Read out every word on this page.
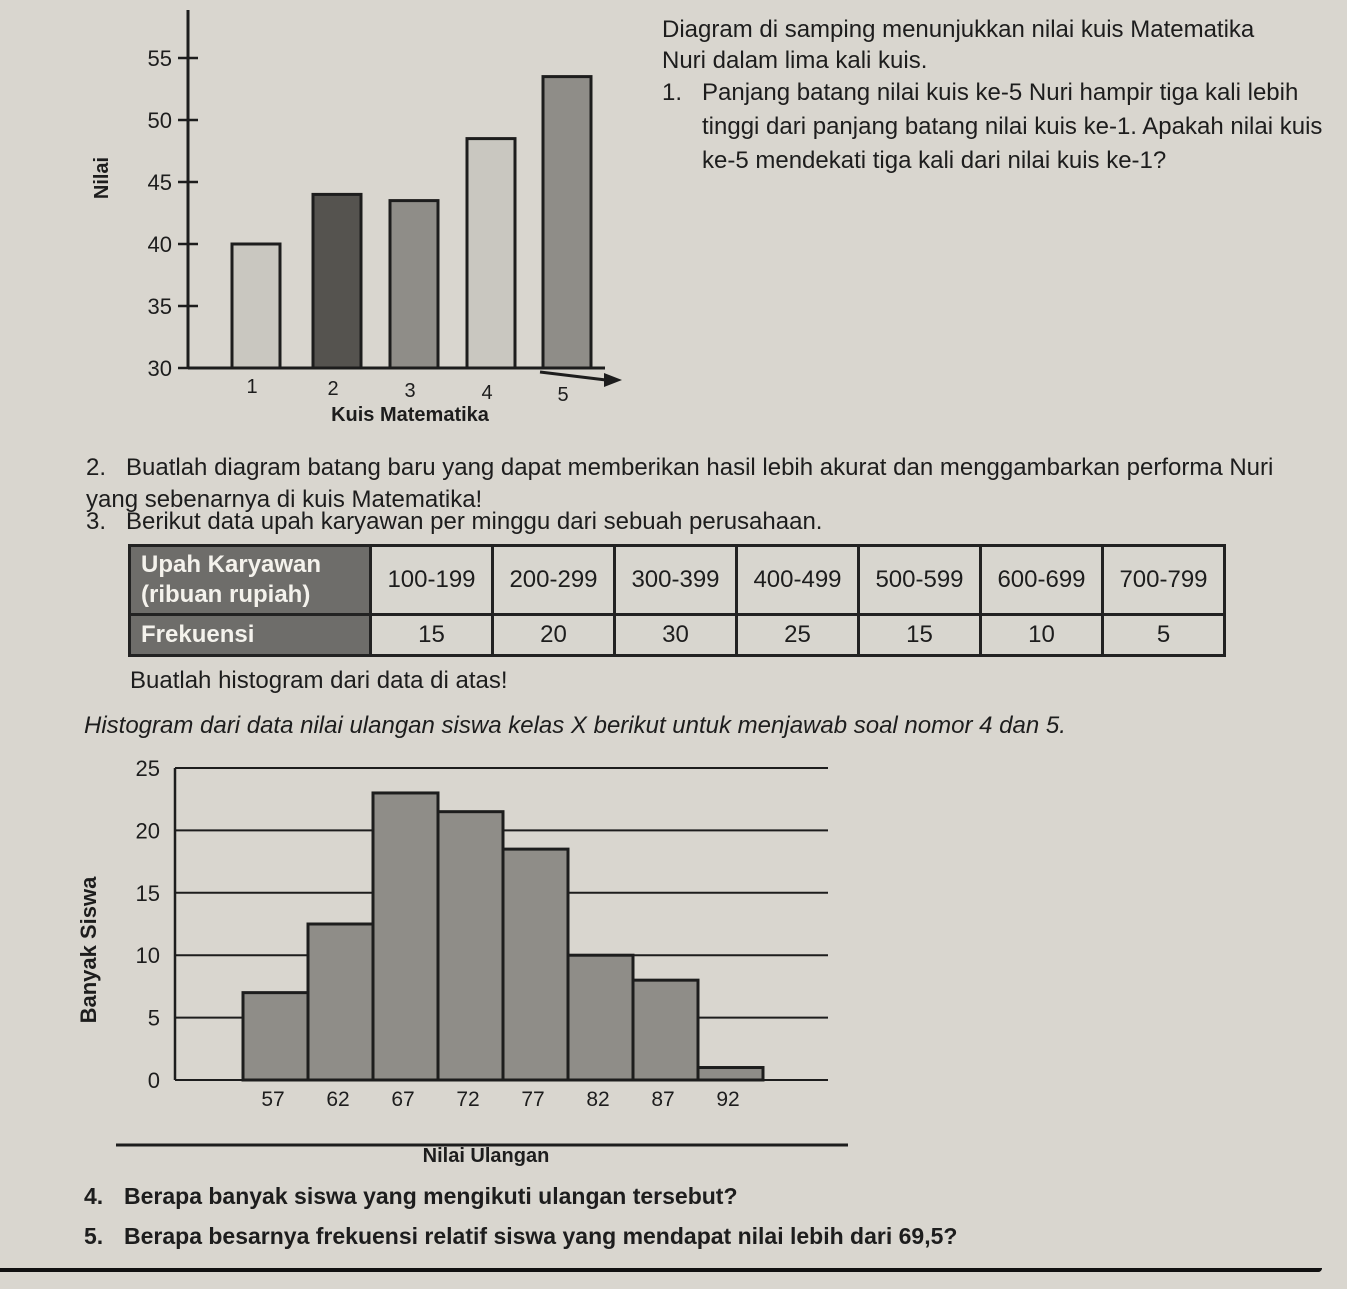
30
35
40
45
50
55
1	2	3	4	5
Kuis Matematika
Nilai
Diagram di samping menunjukkan nilai kuis Matematika
Nuri dalam lima kali kuis.
1. Panjang batang nilai kuis ke-5 Nuri hampir tiga kali lebih tinggi dari panjang batang nilai kuis ke-1. Apakah nilai kuis ke-5 mendekati tiga kali dari nilai kuis ke-1?
2. Buatlah diagram batang baru yang dapat memberikan hasil lebih akurat dan menggambarkan performa Nuri yang sebenarnya di kuis Matematika!
3. Berikut data upah karyawan per minggu dari sebuah perusahaan.
Upah Karyawan (ribuan rupiah)	100-199	200-299	300-399	400-499	500-599	600-699	700-799
Frekuensi	15	20	30	25	15	10	5
Buatlah histogram dari data di atas!
Histogram dari data nilai ulangan siswa kelas X berikut untuk menjawab soal nomor 4 dan 5.
0
5
10
15
20
25
57 62 67 72 77 82 87 92
Nilai Ulangan
Banyak Siswa
4. Berapa banyak siswa yang mengikuti ulangan tersebut?
5. Berapa besarnya frekuensi relatif siswa yang mendapat nilai lebih dari 69,5?
